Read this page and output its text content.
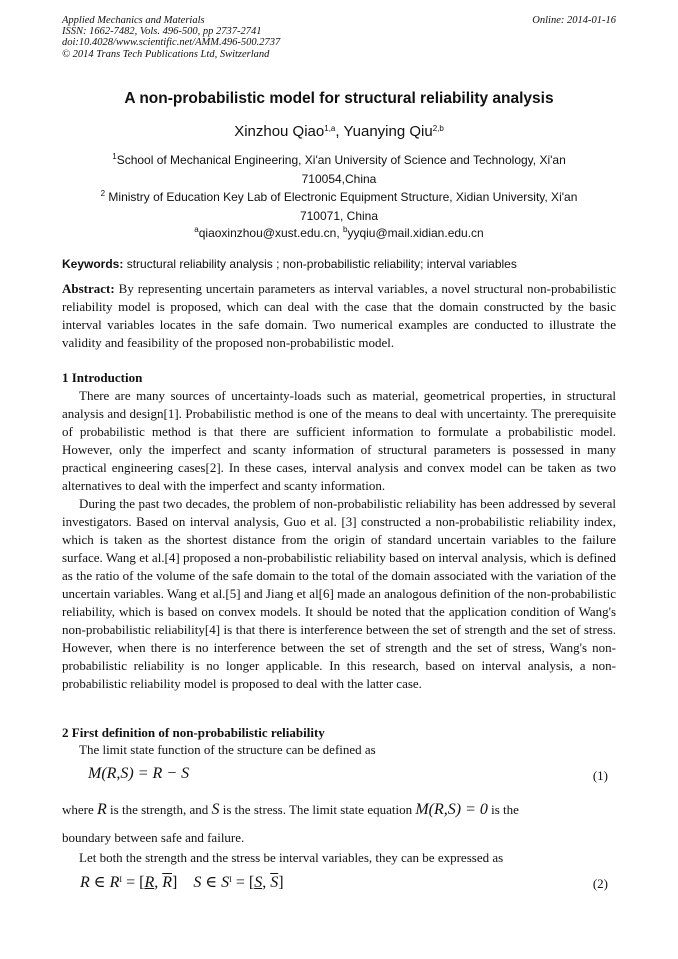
Applied Mechanics and Materials
ISSN: 1662-7482, Vols. 496-500, pp 2737-2741
doi:10.4028/www.scientific.net/AMM.496-500.2737
© 2014 Trans Tech Publications Ltd, Switzerland
Online: 2014-01-16
A non-probabilistic model for structural reliability analysis
Xinzhou Qiao$^{1,a}$, Yuanying Qiu$^{2,b}$
$^1$School of Mechanical Engineering, Xi'an University of Science and Technology, Xi'an
710054,China
$^2$ Ministry of Education Key Lab of Electronic Equipment Structure, Xidian University, Xi'an
710071, China
$^a$qiaoxinzhou@xust.edu.cn, $^b$yyqiu@mail.xidian.edu.cn
Keywords: structural reliability analysis ; non-probabilistic reliability; interval variables
Abstract: By representing uncertain parameters as interval variables, a novel structural non-probabilistic reliability model is proposed, which can deal with the case that the domain constructed by the basic interval variables locates in the safe domain. Two numerical examples are conducted to illustrate the validity and feasibility of the proposed non-probabilistic model.
1 Introduction
There are many sources of uncertainty-loads such as material, geometrical properties, in structural analysis and design[1]. Probabilistic method is one of the means to deal with uncertainty. The prerequisite of probabilistic method is that there are sufficient information to formulate a probabilistic model. However, only the imperfect and scanty information of structural parameters is possessed in many practical engineering cases[2]. In these cases, interval analysis and convex model can be taken as two alternatives to deal with the imperfect and scanty information.
During the past two decades, the problem of non-probabilistic reliability has been addressed by several investigators. Based on interval analysis, Guo et al. [3] constructed a non-probabilistic reliability index, which is taken as the shortest distance from the origin of standard uncertain variables to the failure surface. Wang et al.[4] proposed a non-probabilistic reliability based on interval analysis, which is defined as the ratio of the volume of the safe domain to the total of the domain associated with the variation of the uncertain variables. Wang et al.[5] and Jiang et al[6] made an analogous definition of the non-probabilistic reliability, which is based on convex models. It should be noted that the application condition of Wang's non-probabilistic reliability[4] is that there is interference between the set of strength and the set of stress. However, when there is no interference between the set of strength and the set of stress, Wang's non-probabilistic reliability is no longer applicable. In this research, based on interval analysis, a non-probabilistic reliability model is proposed to deal with the latter case.
2 First definition of non-probabilistic reliability
The limit state function of the structure can be defined as
M(R,S) = R − S	(1)
where R is the strength, and S is the stress. The limit state equation M(R,S) = 0 is the
boundary between safe and failure.
Let both the strength and the stress be interval variables, they can be expressed as
R ∈ $R^I = [R$, $\overline{R}$]    S ∈ $S^I = [S$, $\overline{S}$]	(2)
